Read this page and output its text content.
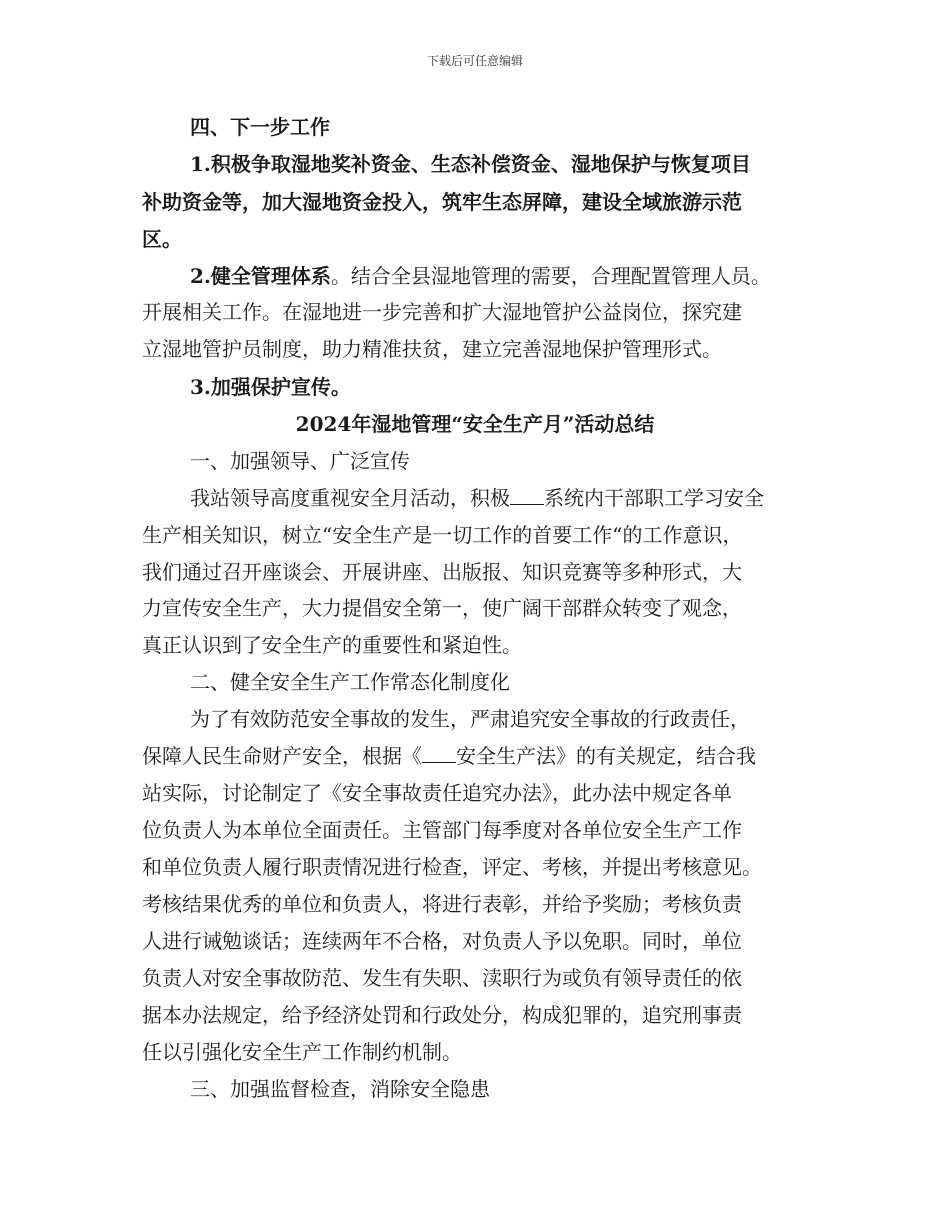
下载后可任意编辑
四、下一步工作
1.积极争取湿地奖补资金、生态补偿资金、湿地保护与恢复项目
补助资金等，加大湿地资金投入，筑牢生态屏障，建设全域旅游示范
区。
2.健全管理体系。结合全县湿地管理的需要，合理配置管理人员。
开展相关工作。在湿地进一步完善和扩大湿地管护公益岗位，探究建
立湿地管护员制度，助力精准扶贫，建立完善湿地保护管理形式。
3.加强保护宣传。
2024年湿地管理“安全生产月”活动总结
一、加强领导、广泛宣传
我站领导高度重视安全月活动，积极 系统内干部职工学习安全
生产相关知识，树立“安全生产是一切工作的首要工作“的工作意识，
我们通过召开座谈会、开展讲座、出版报、知识竞赛等多种形式，大
力宣传安全生产，大力提倡安全第一，使广阔干部群众转变了观念，
真正认识到了安全生产的重要性和紧迫性。
二、健全安全生产工作常态化制度化
为了有效防范安全事故的发生，严肃追究安全事故的行政责任，
保障人民生命财产安全，根据《 安全生产法》的有关规定，结合我
站实际，讨论制定了《安全事故责任追究办法》，此办法中规定各单
位负责人为本单位全面责任。主管部门每季度对各单位安全生产工作
和单位负责人履行职责情况进行检查，评定、考核，并提出考核意见。
考核结果优秀的单位和负责人，将进行表彰，并给予奖励；考核负责
人进行诫勉谈话；连续两年不合格，对负责人予以免职。同时，单位
负责人对安全事故防范、发生有失职、渎职行为或负有领导责任的依
据本办法规定，给予经济处罚和行政处分，构成犯罪的，追究刑事责
任以引强化安全生产工作制约机制。
三、加强监督检查，消除安全隐患
